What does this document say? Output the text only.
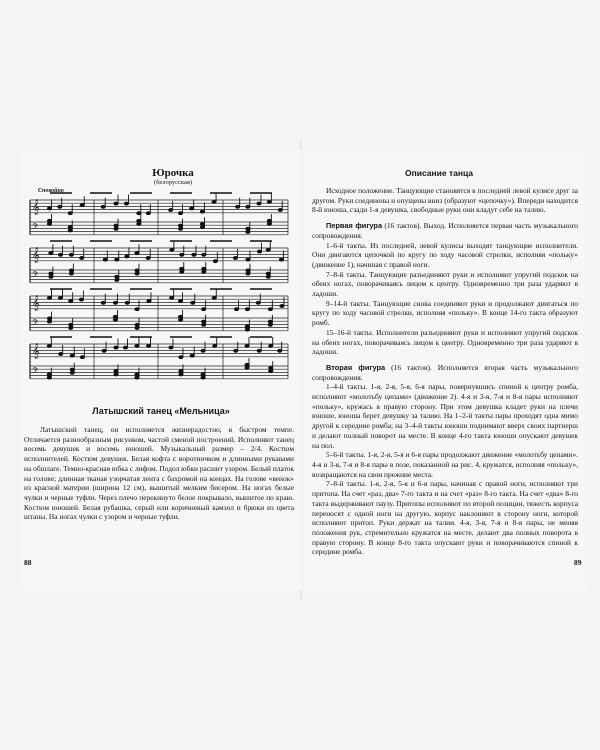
Юрочка
(белорусская)
Спокойно
𝄞
𝄢
𝄞
𝄢
𝄞
𝄢
𝄞
𝄢
Латышский танец «Мельница»

Латышский танец, он исполняется жизнерадостно, в быстром темпе. Отличается разнообразным рисунком, частой сменой построений. Исполняют танец восемь девушек и восемь юношей. Музыкальный размер – 2/4. Костюм исполнителей. Костюм девушек. Белая кофта с воротничком и длинными рукавами на обшлаге. Темно-красная юбка с лифом. Подол юбки расшит узором. Белый платок на голове; длинная тканая узорчатая лента с бахромой на концах. На голове «венок» из красной материи (ширина 12 см), вышитый мелким бисером. На ногах белые чулки и черные туфли. Через плечо перекинуто белое покрывало, вышитое по краю. Костюм юношей. Белая рубашка, серый или коричневый камзол и брюки из цвета штаны. На ногах чулки с узором и черные туфли.

88
Описание танца

Исходное положение. Танцующие становятся в последней левой кулисе друг за другом. Руки соединены и опущены вниз (образуют «цепочку»). Впереди находится 8-й юноша, сзади 1-я девушка, свободные руки они кладут себе на талию.

Первая фигура (16 тактов). Выход. Исполняется первая часть музыкального сопровождения.

1–6-й такты. Из последней, левой кулисы выходят танцующие исполнители. Они двигаются цепочкой по кругу по ходу часовой стрелки, исполняя «польку» (движение 1), начиная с правой ноги.

7–8-й такты. Танцующие разъединяют руки и исполняют упругий подскок на обеих ногах, поворачиваясь лицом к центру. Одновременно три раза ударяют в ладоши.

9–14-й такты. Танцующие снова соединяют руки и продолжают двигаться по кругу по ходу часовой стрелки, исполняя «польку». В конце 14-го такта образуют ромб.

15–16-й такты. Исполнители разъединяют руки и исполняют упругий подскок на обеих ногах, поворачиваясь лицом к центру. Одновременно три раза ударяют в ладоши.

Вторая фигура (16 тактов). Исполняется вторая часть музыкального сопровождения.

1–4-й такты. 1-я, 2-я, 5-я, 6-я пары, повернувшись спиной к центру ромба, исполняют «молотьбу цепами» (движение 2). 4-я и 3-я, 7-я и 8-я пары исполняют «польку», кружась в правую сторону. При этом девушка кладет руки на плечи юноше, юноша берет девушку за талию. На 1–2-й такты пары проходят одна мимо другой к середине ромба; на 3–4-й такты юноши поднимают вверх своих партнерш и делают полный поворот на месте. В конце 4-го такта юноши опускают девушек на пол.

5–6-й такты. 1-я, 2-я, 5-я и 6-я пары продолжают движение «молотьбу цепами». 4-я и 3-я, 7-я и 8-я пары в позе, показанной на рис. 4, кружатся, исполняя «польку», возвращаются на свои прежние места.

7–8-й такты. 1-я, 2-я, 5-я и 6-я пары, начиная с правой ноги, исполняют три притопа. На счет «раз, два» 7-го такта и на счет «раз» 8-го такта. На счет «два» 8-го такта выдерживают паузу. Притопы исполняют по второй позиции, тяжесть корпуса переносят с одной ноги на другую, корпус наклоняют в сторону ноги, которой исполняют притоп. Руки держат на талии. 4-я, 3-я, 7-я и 8-я пары, не меняя положения рук, стремительно кружатся на месте, делают два полных поворота в правую сторону. В конце 8-го такта опускают руки и поворачиваются спиной к середине ромба.

89
